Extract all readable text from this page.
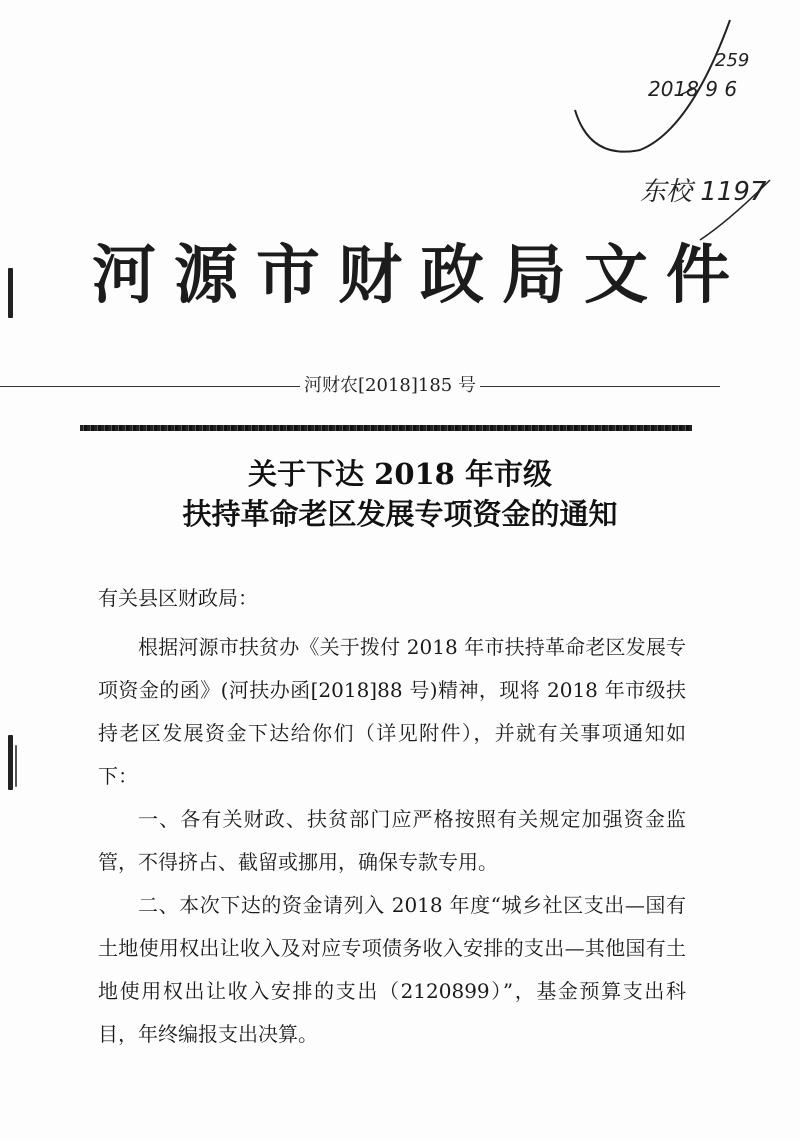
259
2018 9 6
东校 1197
河源市财政局文件
河财农[2018]185 号
关于下达 2018 年市级
扶持革命老区发展专项资金的通知
有关县区财政局：

根据河源市扶贫办《关于拨付 2018 年市扶持革命老区发展专项资金的函》(河扶办函[2018]88 号)精神，现将 2018 年市级扶持老区发展资金下达给你们（详见附件），并就有关事项通知如下：

一、各有关财政、扶贫部门应严格按照有关规定加强资金监管，不得挤占、截留或挪用，确保专款专用。

二、本次下达的资金请列入 2018 年度“城乡社区支出—国有土地使用权出让收入及对应专项债务收入安排的支出—其他国有土地使用权出让收入安排的支出（2120899）”，基金预算支出科目，年终编报支出决算。
